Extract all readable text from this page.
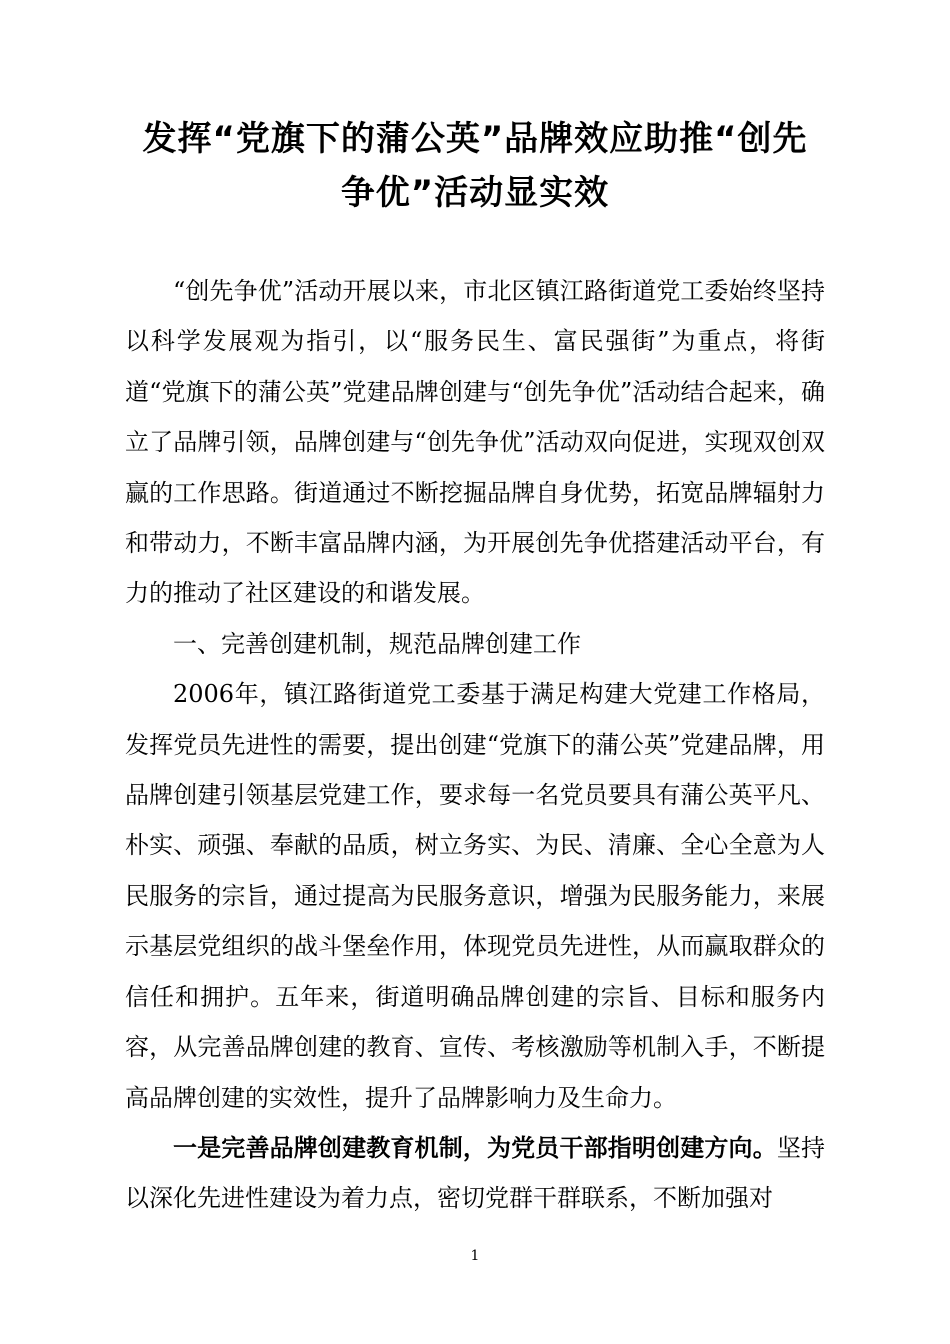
发挥“党旗下的蒲公英”品牌效应助推“创先
争优”活动显实效

“创先争优”活动开展以来，市北区镇江路街道党工委始终坚持以科学发展观为指引，以“服务民生、富民强街”为重点，将街道“党旗下的蒲公英”党建品牌创建与“创先争优”活动结合起来，确立了品牌引领，品牌创建与“创先争优”活动双向促进，实现双创双赢的工作思路。街道通过不断挖掘品牌自身优势，拓宽品牌辐射力和带动力，不断丰富品牌内涵，为开展创先争优搭建活动平台，有力的推动了社区建设的和谐发展。

一、完善创建机制，规范品牌创建工作

2006年，镇江路街道党工委基于满足构建大党建工作格局，发挥党员先进性的需要，提出创建“党旗下的蒲公英”党建品牌，用品牌创建引领基层党建工作，要求每一名党员要具有蒲公英平凡、朴实、顽强、奉献的品质，树立务实、为民、清廉、全心全意为人民服务的宗旨，通过提高为民服务意识，增强为民服务能力，来展示基层党组织的战斗堡垒作用，体现党员先进性，从而赢取群众的信任和拥护。五年来，街道明确品牌创建的宗旨、目标和服务内容，从完善品牌创建的教育、宣传、考核激励等机制入手，不断提高品牌创建的实效性，提升了品牌影响力及生命力。

一是完善品牌创建教育机制，为党员干部指明创建方向。坚持以深化先进性建设为着力点，密切党群干群联系，不断加强对

1
